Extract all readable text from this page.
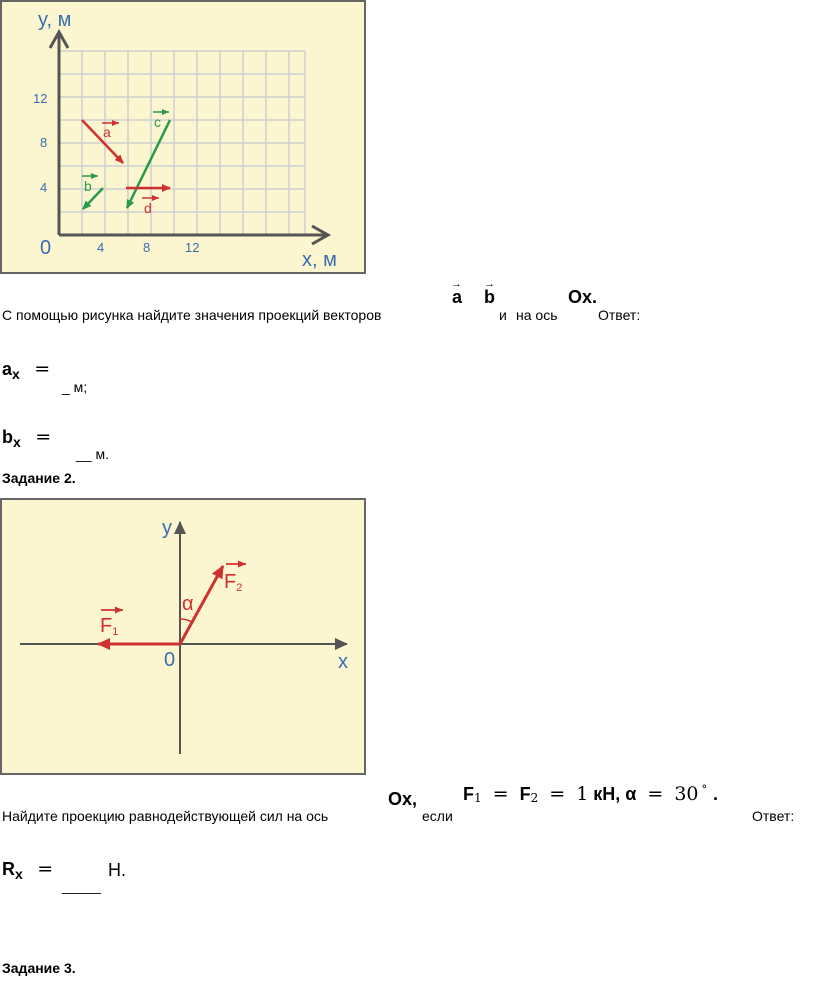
y, м
x, м
0	4	8	12
4
8
12
a
c
b
d
С помощью рисунка найдите значения проекций векторов
→
a
→
b
и на ось
Ox.
Ответ:
ax =
_ м;
bx =
__ м.
Задание 2.
y
x
0
F1
F2
α
Найдите проекцию равнодействующей сил на ось
Ox,
если
F1 = F2 = 1 кН, α = 30 ° .
Ответ:
Rx =
_____
Н.
Задание 3.
